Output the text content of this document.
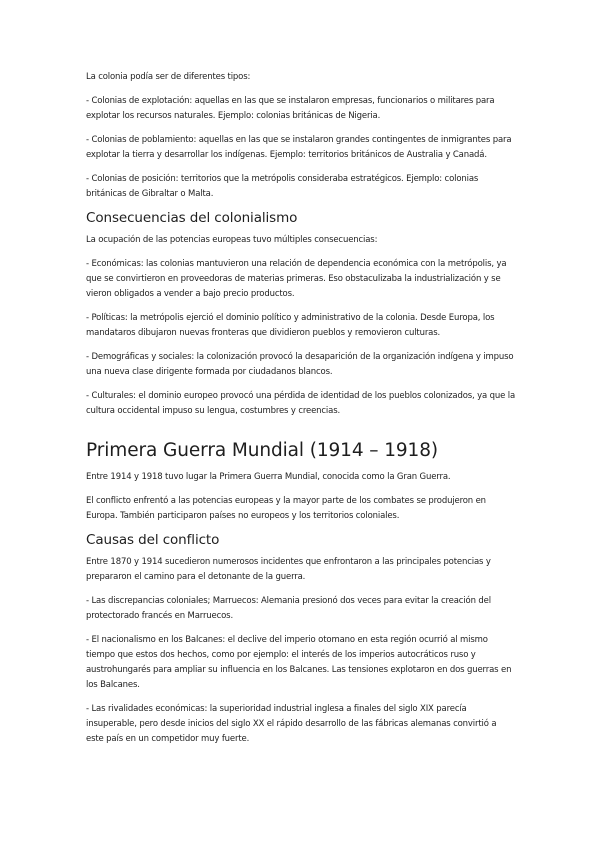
La colonia podía ser de diferentes tipos:

- Colonias de explotación: aquellas en las que se instalaron empresas, funcionarios o militares para explotar los recursos naturales. Ejemplo: colonias británicas de Nigeria.

- Colonias de poblamiento: aquellas en las que se instalaron grandes contingentes de inmigrantes para explotar la tierra y desarrollar los indígenas. Ejemplo: territorios británicos de Australia y Canadá.

- Colonias de posición: territorios que la metrópolis consideraba estratégicos. Ejemplo: colonias británicas de Gibraltar o Malta.

Consecuencias del colonialismo

La ocupación de las potencias europeas tuvo múltiples consecuencias:

- Económicas: las colonias mantuvieron una relación de dependencia económica con la metrópolis, ya que se convirtieron en proveedoras de materias primeras. Eso obstaculizaba la industrialización y se vieron obligados a vender a bajo precio productos.

- Políticas: la metrópolis ejerció el dominio político y administrativo de la colonia. Desde Europa, los mandataros dibujaron nuevas fronteras que dividieron pueblos y removieron culturas.

- Demográficas y sociales: la colonización provocó la desaparición de la organización indígena y impuso una nueva clase dirigente formada por ciudadanos blancos.

- Culturales: el dominio europeo provocó una pérdida de identidad de los pueblos colonizados, ya que la cultura occidental impuso su lengua, costumbres y creencias.

Primera Guerra Mundial (1914 – 1918)

Entre 1914 y 1918 tuvo lugar la Primera Guerra Mundial, conocida como la Gran Guerra.

El conflicto enfrentó a las potencias europeas y la mayor parte de los combates se produjeron en Europa. También participaron países no europeos y los territorios coloniales.

Causas del conflicto

Entre 1870 y 1914 sucedieron numerosos incidentes que enfrontaron a las principales potencias y prepararon el camino para el detonante de la guerra.

- Las discrepancias coloniales; Marruecos: Alemania presionó dos veces para evitar la creación del protectorado francés en Marruecos.

- El nacionalismo en los Balcanes: el declive del imperio otomano en esta región ocurrió al mismo tiempo que estos dos hechos, como por ejemplo: el interés de los imperios autocráticos ruso y austrohungarés para ampliar su influencia en los Balcanes. Las tensiones explotaron en dos guerras en los Balcanes.

- Las rivalidades económicas: la superioridad industrial inglesa a finales del siglo XIX parecía insuperable, pero desde inicios del siglo XX el rápido desarrollo de las fábricas alemanas convirtió a este país en un competidor muy fuerte.
